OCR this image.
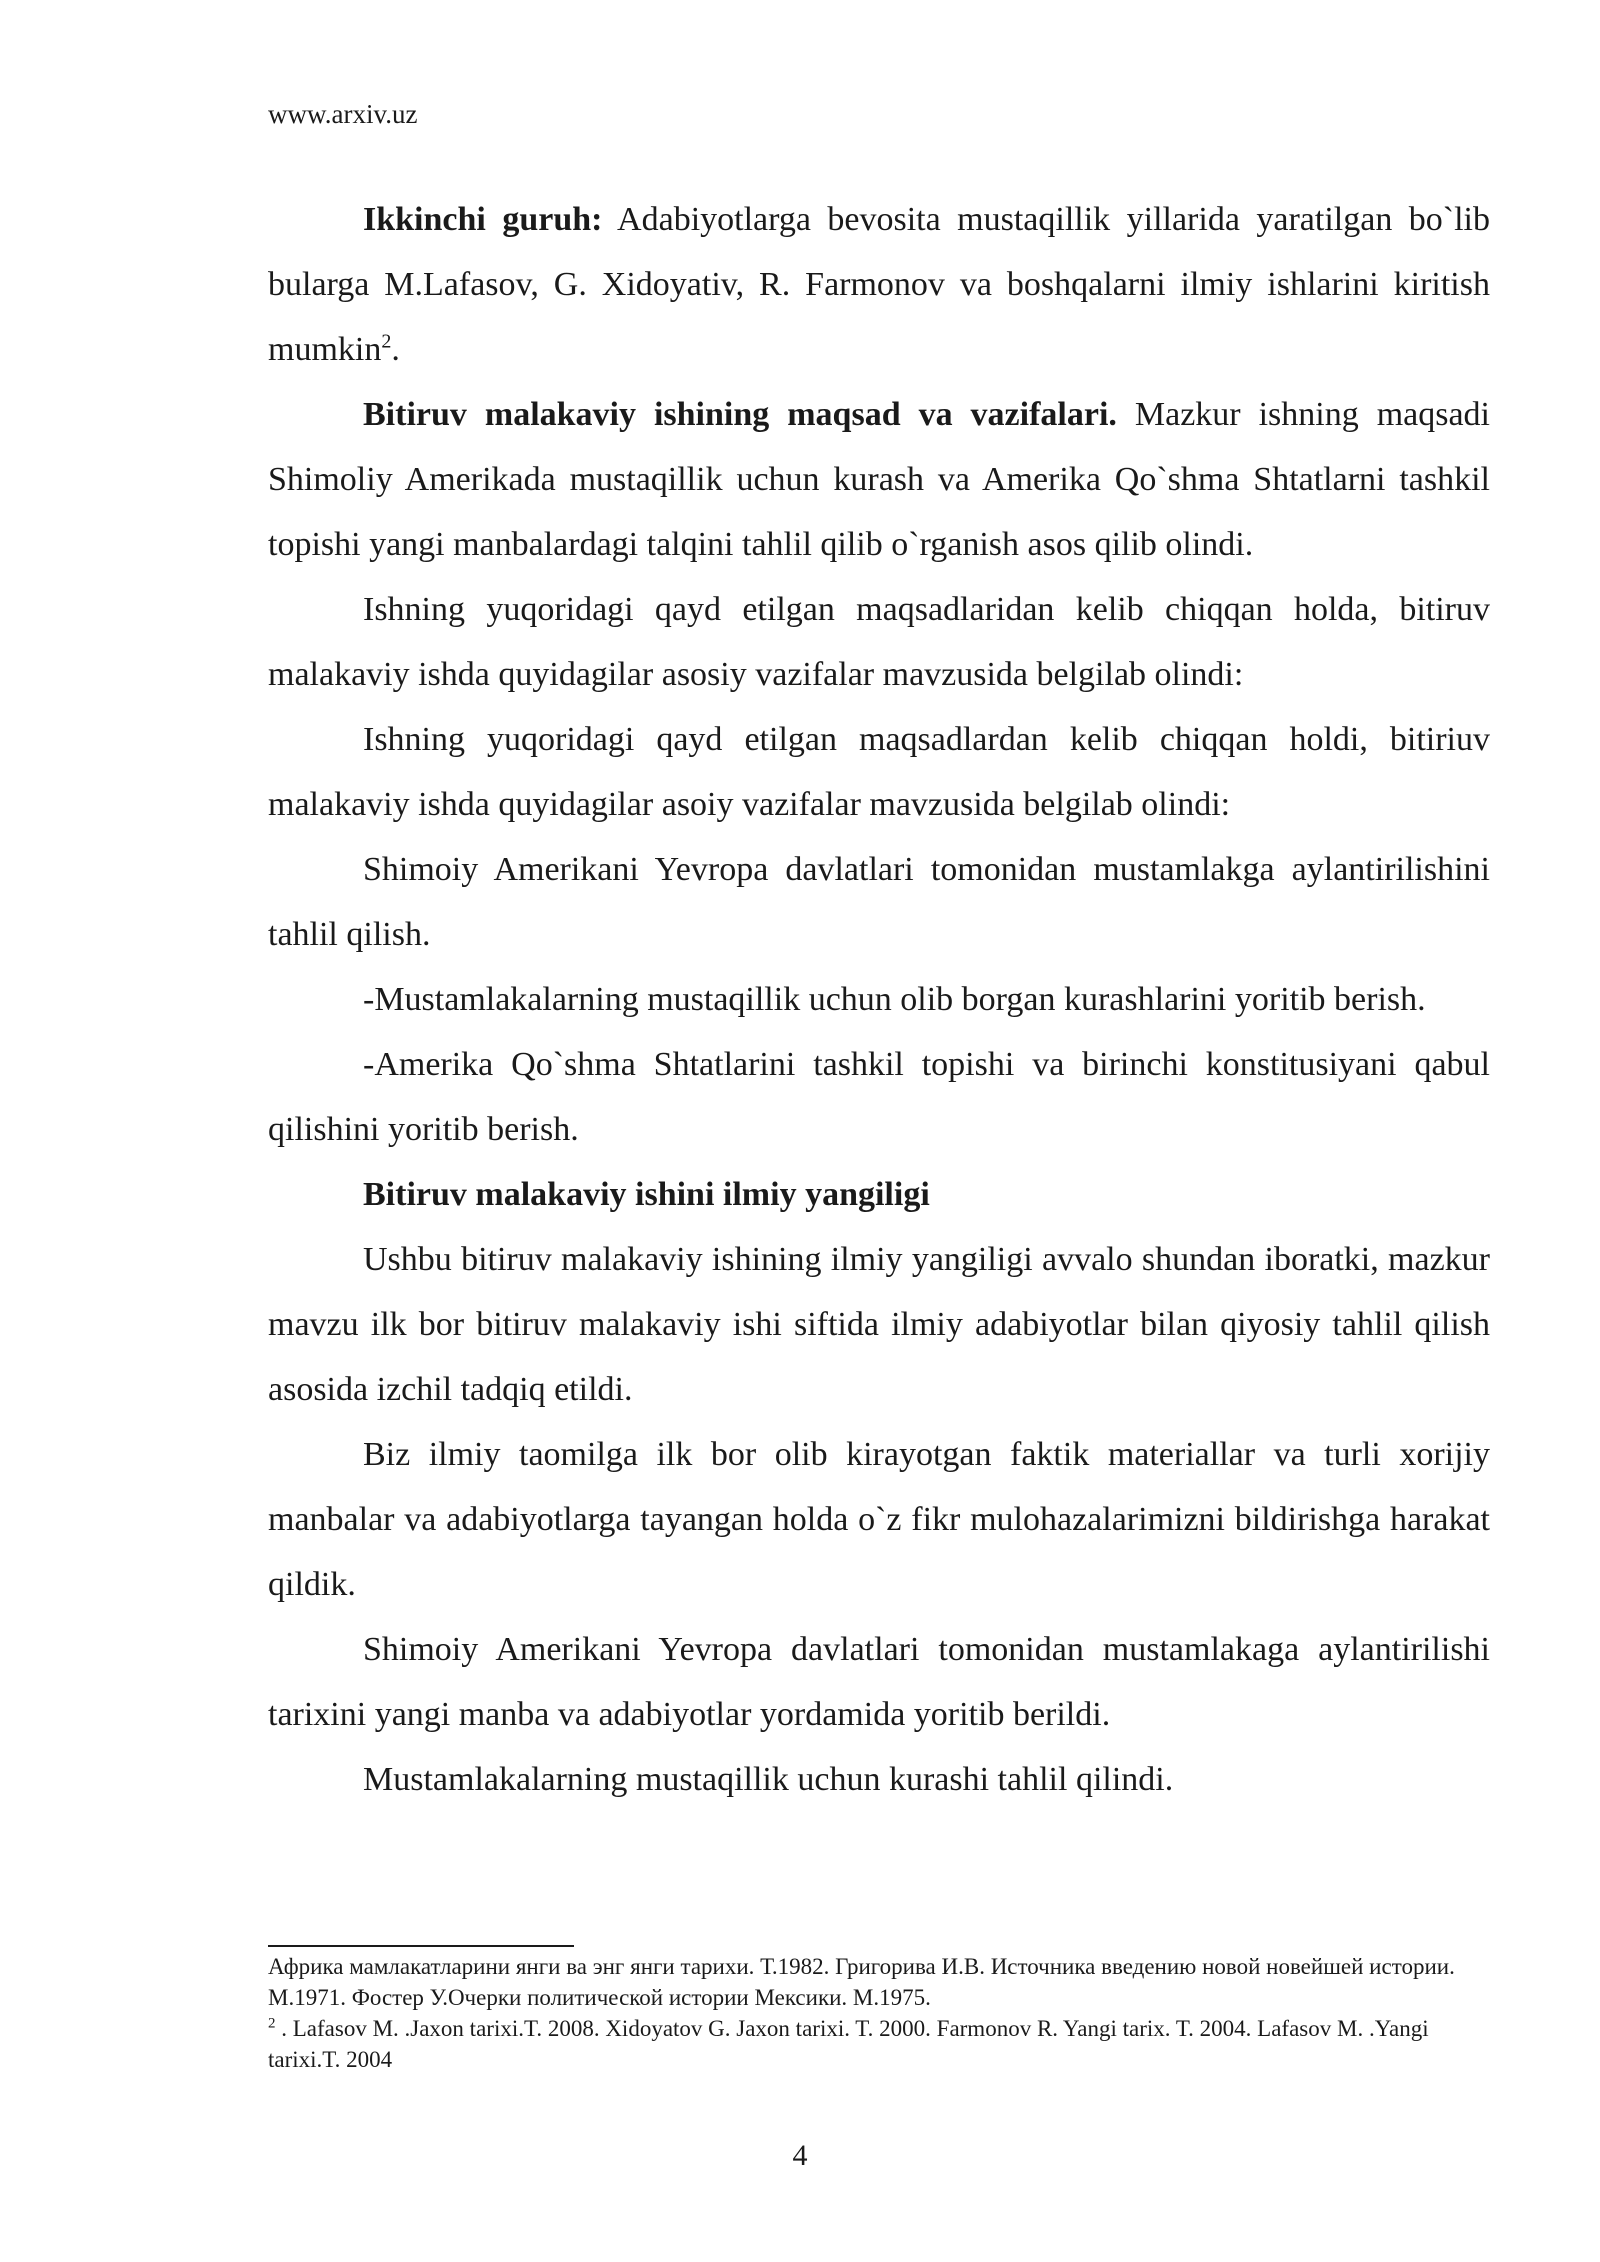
www.arxiv.uz

Ikkinchi guruh: Adabiyotlarga bevosita mustaqillik yillarida yaratilgan bo`lib bularga M.Lafasov, G. Xidoyativ, R. Farmonov va boshqalarni ilmiy ishlarini kiritish mumkin$^2$.

Bitiruv malakaviy ishining maqsad va vazifalari. Mazkur ishning maqsadi Shimoliy Amerikada mustaqillik uchun kurash va Amerika Qo`shma Shtatlarni tashkil topishi yangi manbalardagi talqini tahlil qilib o`rganish asos qilib olindi.

Ishning yuqoridagi qayd etilgan maqsadlaridan kelib chiqqan holda, bitiruv malakaviy ishda quyidagilar asosiy vazifalar mavzusida belgilab olindi:

Ishning yuqoridagi qayd etilgan maqsadlardan kelib chiqqan holdi, bitiriuv malakaviy ishda quyidagilar asoiy vazifalar mavzusida belgilab olindi:

Shimoiy Amerikani Yevropa davlatlari tomonidan mustamlakga aylantirilishini tahlil qilish.

-Mustamlakalarning mustaqillik uchun olib borgan kurashlarini yoritib berish.

-Amerika Qo`shma Shtatlarini tashkil topishi va birinchi konstitusiyani qabul qilishini yoritib berish.

Bitiruv malakaviy ishini ilmiy yangiligi

Ushbu bitiruv malakaviy ishining ilmiy yangiligi avvalo shundan iboratki, mazkur mavzu ilk bor bitiruv malakaviy ishi siftida ilmiy adabiyotlar bilan qiyosiy tahlil qilish asosida izchil tadqiq etildi.

Biz ilmiy taomilga ilk bor olib kirayotgan faktik materiallar va turli xorijiy manbalar va adabiyotlarga tayangan holda o`z fikr mulohazalarimizni bildirishga harakat qildik.

Shimoiy Amerikani Yevropa davlatlari tomonidan mustamlakaga aylantirilishi tarixini yangi manba va adabiyotlar yordamida yoritib berildi.

Mustamlakalarning mustaqillik uchun kurashi tahlil qilindi.

Африка мамлакатларини янги ва энг янги тарихи. Т.1982. Григорива И.В. Источника введению новой новейшей истории. М.1971. Фостер У.Очерки политической истории Мексики. М.1975.

$^2$ . Lafasov M. .Jaxon tarixi.T. 2008. Xidoyatov G. Jaxon tarixi. T. 2000. Farmonov R. Yangi tarix. T. 2004. Lafasov M. .Yangi tarixi.T. 2004

4
